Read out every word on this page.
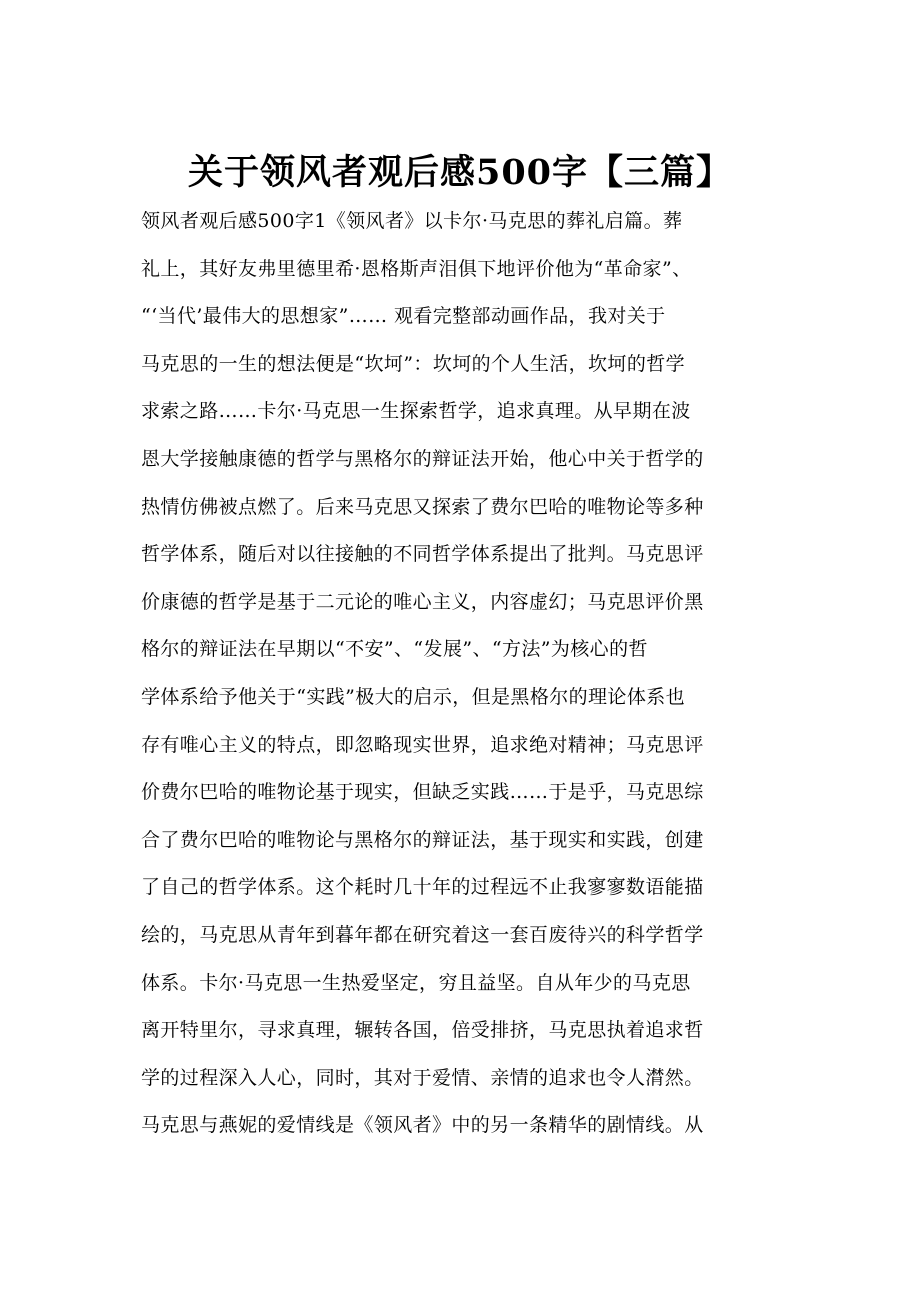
关于领风者观后感500字【三篇】
领风者观后感500字1《领风者》以卡尔·马克思的葬礼启篇。葬
礼上，其好友弗里德里希·恩格斯声泪俱下地评价他为“革命家”、
“‘当代’最伟大的思想家”…… 观看完整部动画作品，我对关于
马克思的一生的想法便是“坎坷”：坎坷的个人生活，坎坷的哲学
求索之路……卡尔·马克思一生探索哲学，追求真理。从早期在波
恩大学接触康德的哲学与黑格尔的辩证法开始，他心中关于哲学的
热情仿佛被点燃了。后来马克思又探索了费尔巴哈的唯物论等多种
哲学体系，随后对以往接触的不同哲学体系提出了批判。马克思评
价康德的哲学是基于二元论的唯心主义，内容虚幻；马克思评价黑
格尔的辩证法在早期以“不安”、“发展”、“方法”为核心的哲
学体系给予他关于“实践”极大的启示，但是黑格尔的理论体系也
存有唯心主义的特点，即忽略现实世界，追求绝对精神；马克思评
价费尔巴哈的唯物论基于现实，但缺乏实践……于是乎，马克思综
合了费尔巴哈的唯物论与黑格尔的辩证法，基于现实和实践，创建
了自己的哲学体系。这个耗时几十年的过程远不止我寥寥数语能描
绘的，马克思从青年到暮年都在研究着这一套百废待兴的科学哲学
体系。卡尔·马克思一生热爱坚定，穷且益坚。自从年少的马克思
离开特里尔，寻求真理，辗转各国，倍受排挤，马克思执着追求哲
学的过程深入人心，同时，其对于爱情、亲情的追求也令人潸然。
马克思与燕妮的爱情线是《领风者》中的另一条精华的剧情线。从
